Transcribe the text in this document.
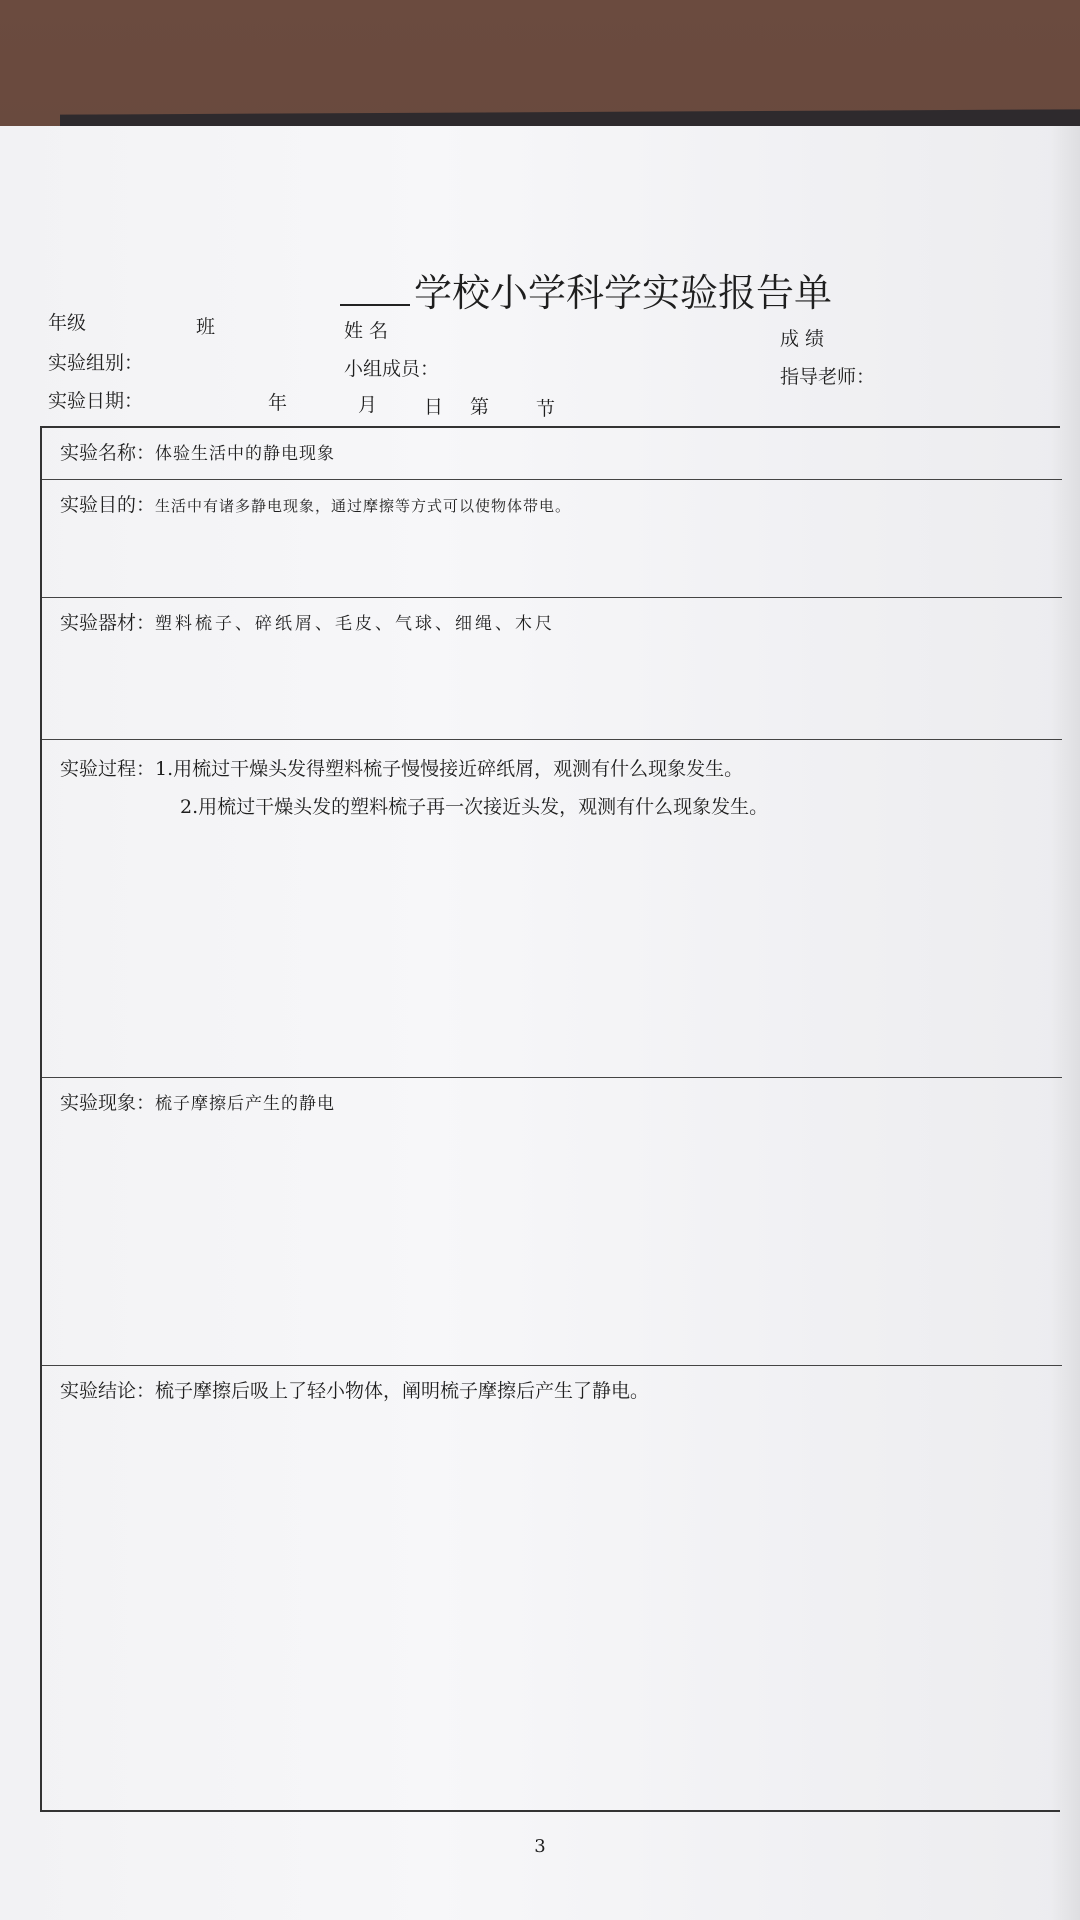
学校小学科学实验报告单
年级	班	姓 名	成 绩
实验组别：	小组成员：	指导老师：
实验日期：	年	月 日 第 节
实验名称：体验生活中的静电现象
实验目的：生活中有诸多静电现象，通过摩擦等方式可以使物体带电。
实验器材：塑料梳子、碎纸屑、毛皮、气球、细绳、木尺
实验过程：1.用梳过干燥头发得塑料梳子慢慢接近碎纸屑，观测有什么现象发生。
2.用梳过干燥头发的塑料梳子再一次接近头发，观测有什么现象发生。
实验现象：梳子摩擦后产生的静电
实验结论：梳子摩擦后吸上了轻小物体，阐明梳子摩擦后产生了静电。
3
